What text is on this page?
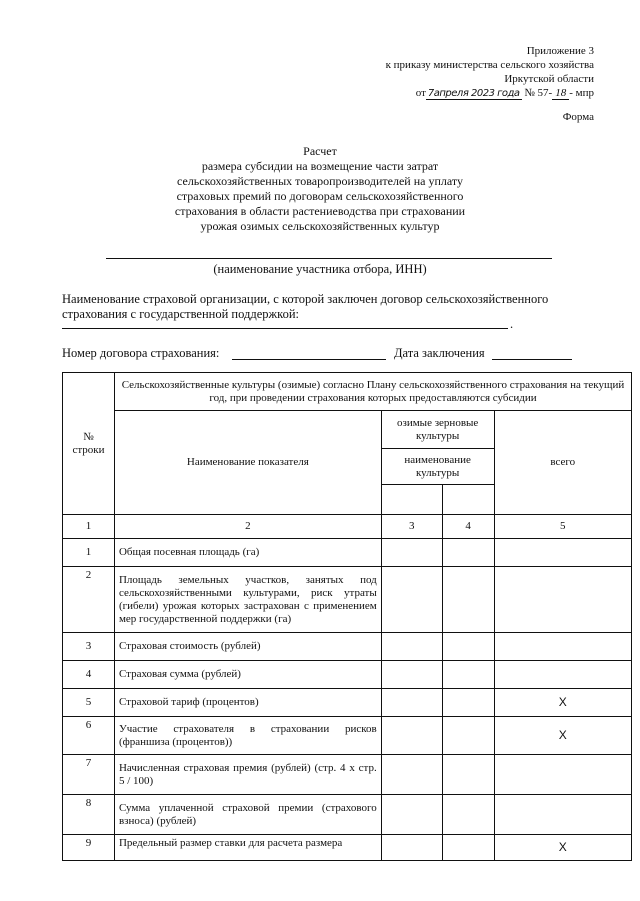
Приложение 3
к приказу министерства сельского хозяйства
Иркутской области
от 7апреля 2023 года № 57- 18 - мпр
Форма
Расчет
размера субсидии на возмещение части затрат
сельскохозяйственных товаропроизводителей на уплату
страховых премий по договорам сельскохозяйственного
страхования в области растениеводства при страховании
урожая озимых сельскохозяйственных культур
(наименование участника отбора, ИНН)
Наименование страховой организации, с которой заключен договор сельскохозяйственного
страхования с государственной поддержкой:
.
Номер договора страхования:	Дата заключения
№ строки	Сельскохозяйственные культуры (озимые) согласно Плану сельскохозяйственного страхования на текущий год, при проведении страхования которых предоставляются субсидии			
	Наименование показателя	озимые зерновые культуры		всего
		наименование культуры		

1	2	3	4	5
1	Общая посевная площадь (га)			
2	Площадь земельных участков, занятых под сельскохозяйственными культурами, риск утраты (гибели) урожая которых застрахован с применением мер государственной поддержки (га)			
3	Страховая стоимость (рублей)			
4	Страховая сумма (рублей)			
5	Страховой тариф (процентов)			X
6	Участие страхователя в страховании рисков (франшиза (процентов))			X
7	Начисленная страховая премия (рублей) (стр. 4 x стр. 5 / 100)			
8	Сумма уплаченной страховой премии (страхового взноса) (рублей)			
9	Предельный размер ставки для расчета размера			X
